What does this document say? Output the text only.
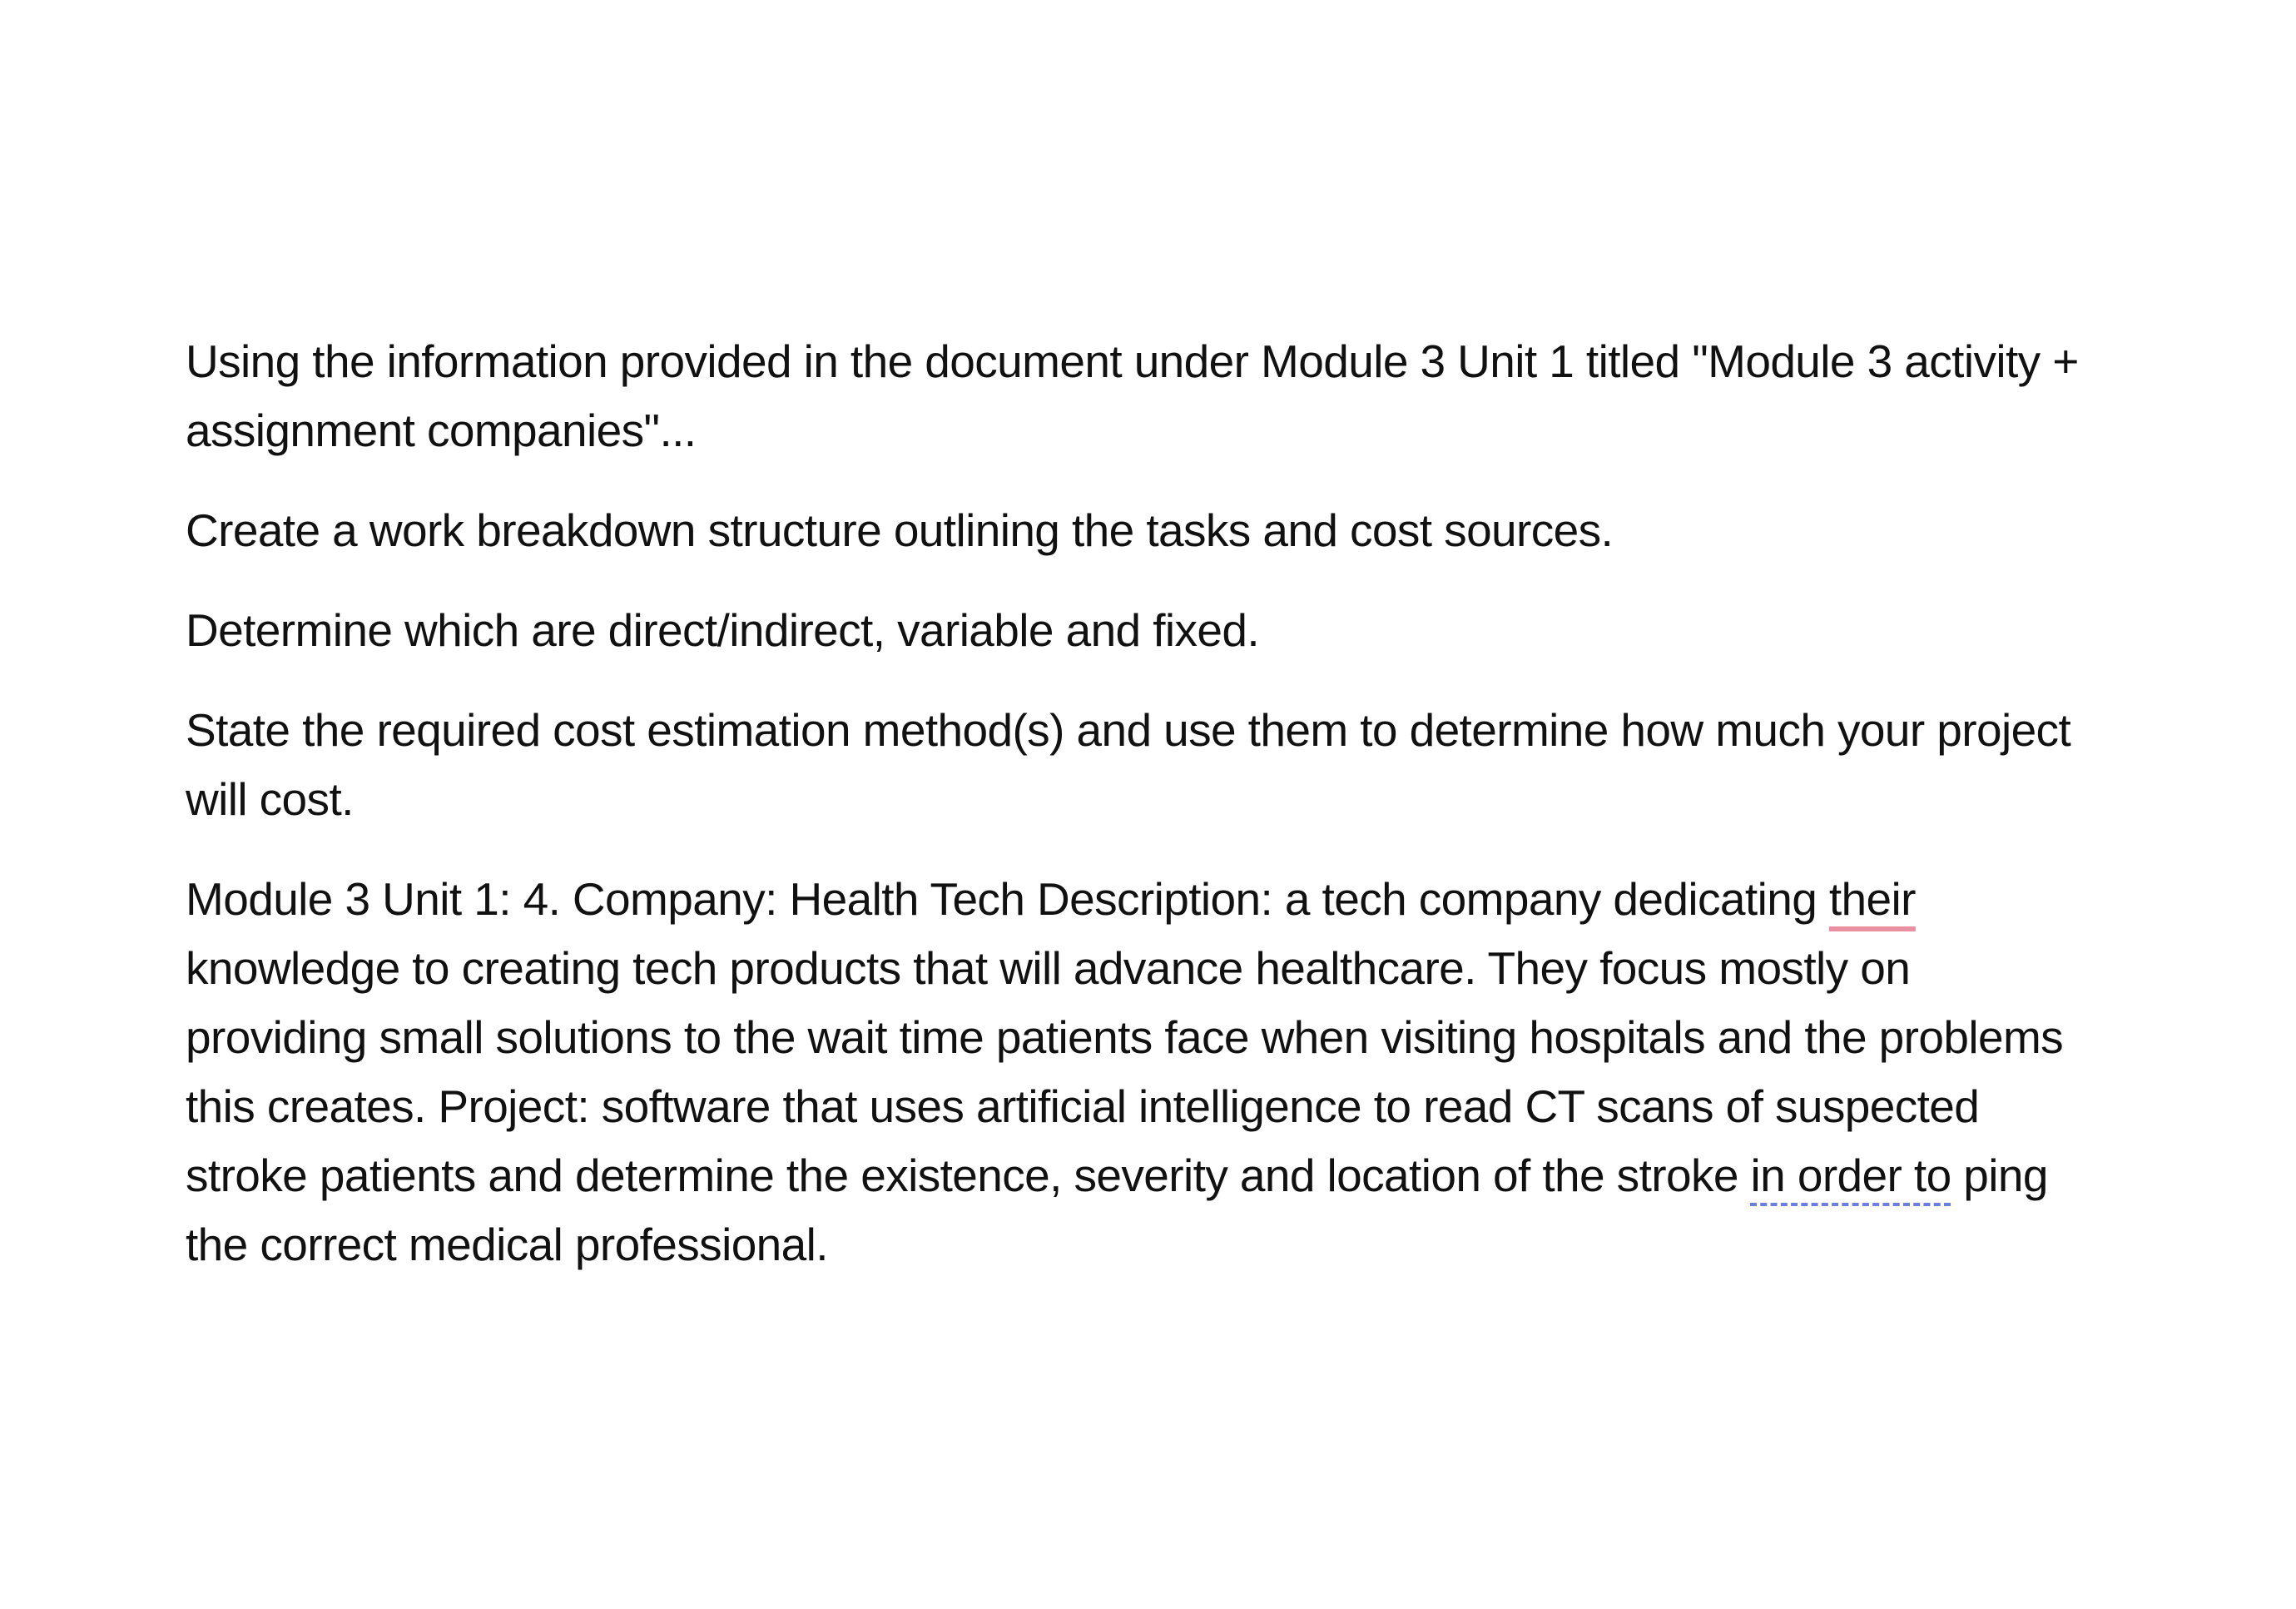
Using the information provided in the document under Module 3 Unit 1 titled "Module 3 activity + assignment companies"...

Create a work breakdown structure outlining the tasks and cost sources.

Determine which are direct/indirect, variable and fixed.

State the required cost estimation method(s) and use them to determine how much your project will cost.

Module 3 Unit 1: 4. Company: Health Tech Description: a tech company dedicating their knowledge to creating tech products that will advance healthcare. They focus mostly on providing small solutions to the wait time patients face when visiting hospitals and the problems this creates. Project: software that uses artificial intelligence to read CT scans of suspected stroke patients and determine the existence, severity and location of the stroke in order to ping the correct medical professional.
